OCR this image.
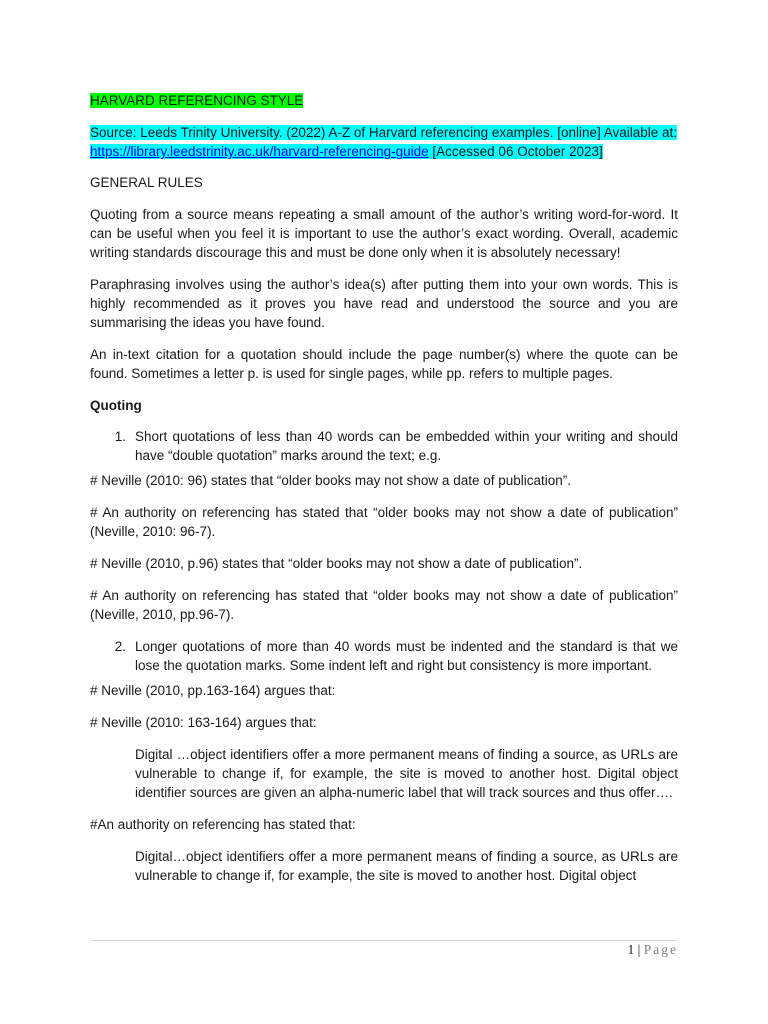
HARVARD REFERENCING STYLE

Source: Leeds Trinity University. (2022) A-Z of Harvard referencing examples. [online] Available at: https://library.leedstrinity.ac.uk/harvard-referencing-guide [Accessed 06 October 2023]

GENERAL RULES

Quoting from a source means repeating a small amount of the author’s writing word-for-word. It can be useful when you feel it is important to use the author’s exact wording. Overall, academic writing standards discourage this and must be done only when it is absolutely necessary!

Paraphrasing involves using the author’s idea(s) after putting them into your own words. This is highly recommended as it proves you have read and understood the source and you are summarising the ideas you have found.

An in-text citation for a quotation should include the page number(s) where the quote can be found. Sometimes a letter p. is used for single pages, while pp. refers to multiple pages.

Quoting

1. Short quotations of less than 40 words can be embedded within your writing and should have “double quotation” marks around the text; e.g.

# Neville (2010: 96) states that “older books may not show a date of publication”.

# An authority on referencing has stated that “older books may not show a date of publication” (Neville, 2010: 96-7).

# Neville (2010, p.96) states that “older books may not show a date of publication”.

# An authority on referencing has stated that “older books may not show a date of publication” (Neville, 2010, pp.96-7).

2. Longer quotations of more than 40 words must be indented and the standard is that we lose the quotation marks. Some indent left and right but consistency is more important.

# Neville (2010, pp.163-164) argues that:

# Neville (2010: 163-164) argues that:

Digital …object identifiers offer a more permanent means of finding a source, as URLs are vulnerable to change if, for example, the site is moved to another host. Digital object identifier sources are given an alpha-numeric label that will track sources and thus offer….

#An authority on referencing has stated that:

Digital…object identifiers offer a more permanent means of finding a source, as URLs are vulnerable to change if, for example, the site is moved to another host. Digital object

1 | Page
